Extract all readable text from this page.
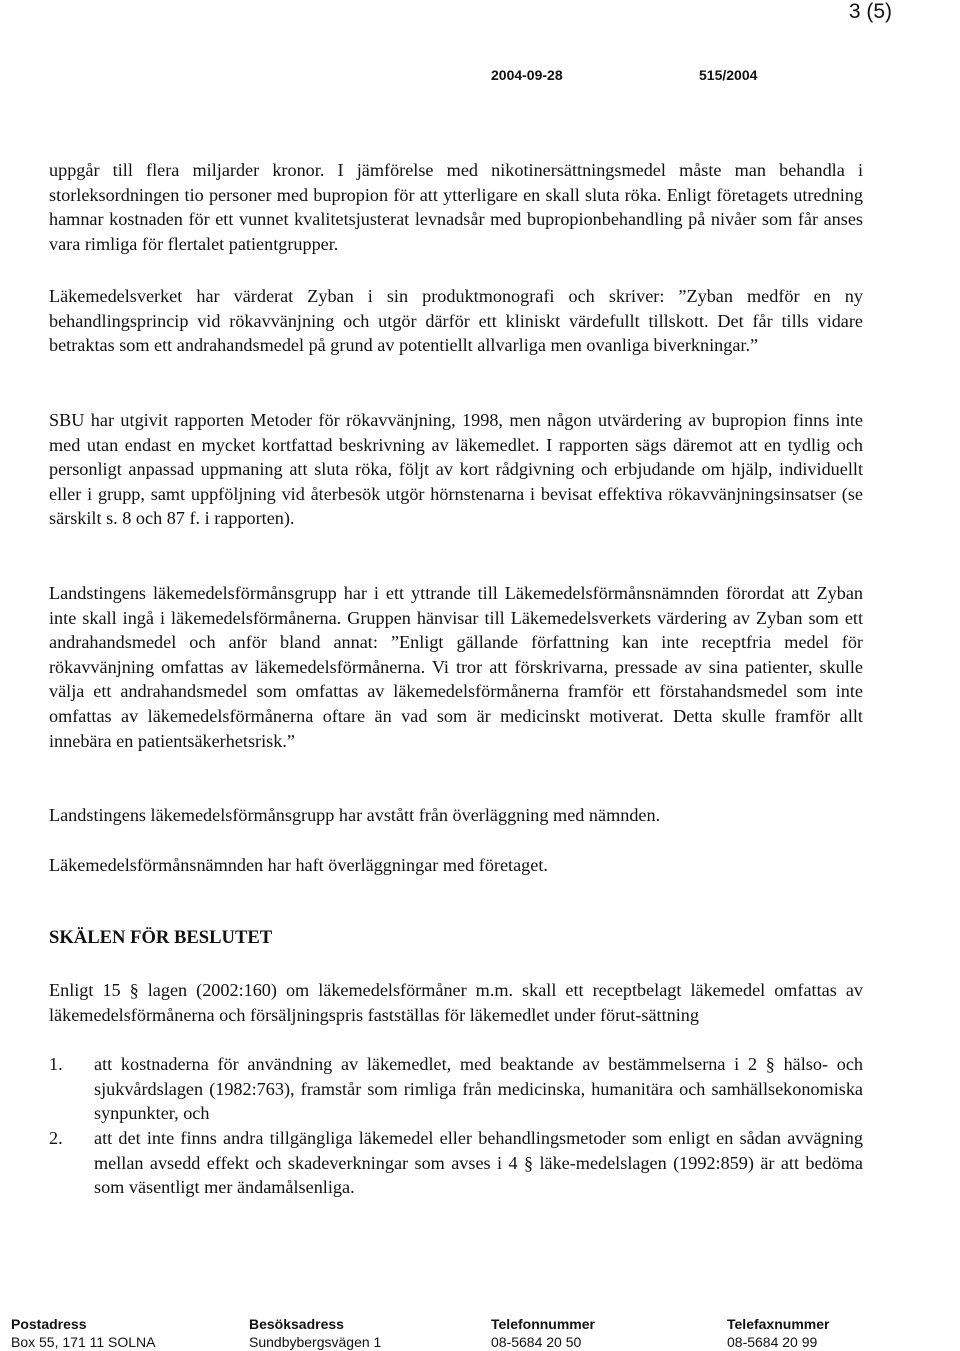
3 (5)
2004-09-28	515/2004

uppgår till flera miljarder kronor. I jämförelse med nikotinersättningsmedel måste man behandla i storleksordningen tio personer med bupropion för att ytterligare en skall sluta röka. Enligt företagets utredning hamnar kostnaden för ett vunnet kvalitetsjusterat levnadsår med bupropionbehandling på nivåer som får anses vara rimliga för flertalet patientgrupper.

Läkemedelsverket har värderat Zyban i sin produktmonografi och skriver: ”Zyban medför en ny behandlingsprincip vid rökavvänjning och utgör därför ett kliniskt värdefullt tillskott. Det får tills vidare betraktas som ett andrahandsmedel på grund av potentiellt allvarliga men ovanliga biverkningar.”

SBU har utgivit rapporten Metoder för rökavvänjning, 1998, men någon utvärdering av bupropion finns inte med utan endast en mycket kortfattad beskrivning av läkemedlet. I rapporten sägs däremot att en tydlig och personligt anpassad uppmaning att sluta röka, följt av kort rådgivning och erbjudande om hjälp, individuellt eller i grupp, samt uppföljning vid återbesök utgör hörnstenarna i bevisat effektiva rökavvänjningsinsatser (se särskilt s. 8 och 87 f. i rapporten).

Landstingens läkemedelsförmånsgrupp har i ett yttrande till Läkemedelsförmånsnämnden förordat att Zyban inte skall ingå i läkemedelsförmånerna. Gruppen hänvisar till Läkemedelsverkets värdering av Zyban som ett andrahandsmedel och anför bland annat: ”Enligt gällande författning kan inte receptfria medel för rökavvänjning omfattas av läkemedelsförmånerna. Vi tror att förskrivarna, pressade av sina patienter, skulle välja ett andrahandsmedel som omfattas av läkemedelsförmånerna framför ett förstahandsmedel som inte omfattas av läkemedelsförmånerna oftare än vad som är medicinskt motiverat. Detta skulle framför allt innebära en patientsäkerhetsrisk.”

Landstingens läkemedelsförmånsgrupp har avstått från överläggning med nämnden.

Läkemedelsförmånsnämnden har haft överläggningar med företaget.

SKÄLEN FÖR BESLUTET

Enligt 15 § lagen (2002:160) om läkemedelsförmåner m.m. skall ett receptbelagt läkemedel omfattas av läkemedelsförmånerna och försäljningspris fastställas för läkemedlet under förut-sättning

1. att kostnaderna för användning av läkemedlet, med beaktande av bestämmelserna i 2 § hälso- och sjukvårdslagen (1982:763), framstår som rimliga från medicinska, humanitära och samhällsekonomiska synpunkter, och
2. att det inte finns andra tillgängliga läkemedel eller behandlingsmetoder som enligt en sådan avvägning mellan avsedd effekt och skadeverkningar som avses i 4 § läke-medelslagen (1992:859) är att bedöma som väsentligt mer ändamålsenliga.
Postadress
Box 55, 171 11 SOLNA
Besöksadress
Sundbybergsvägen 1
Telefonnummer
08-5684 20 50
Telefaxnummer
08-5684 20 99
